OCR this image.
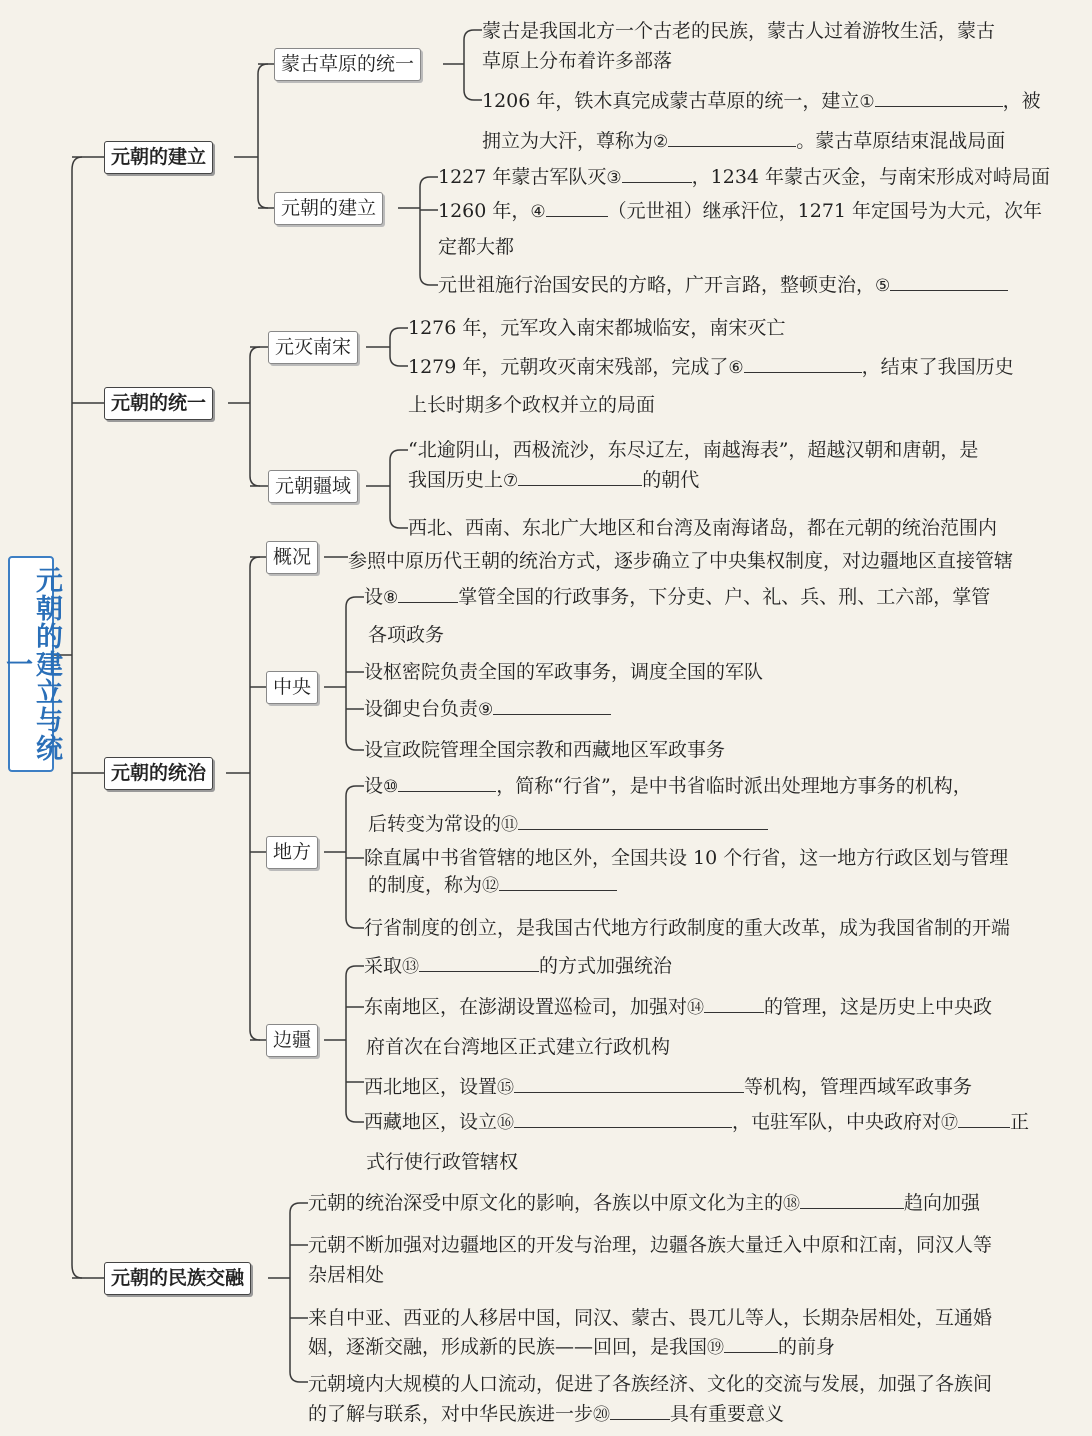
元朝的建立与统一
元朝的建立
元朝的统一
元朝的统治
元朝的民族交融
蒙古草原的统一
元朝的建立
元灭南宋
元朝疆域
概况
中央
地方
边疆
蒙古是我国北方一个古老的民族，蒙古人过着游牧生活，蒙古
草原上分布着许多部落
1206 年，铁木真完成蒙古草原的统一，建立①	，被
拥立为大汗，尊称为②	。蒙古草原结束混战局面
1227 年蒙古军队灭③	，1234 年蒙古灭金，与南宋形成对峙局面
1260 年，④	（元世祖）继承汗位，1271 年定国号为大元，次年
定都大都
元世祖施行治国安民的方略，广开言路，整顿吏治，⑤
1276 年，元军攻入南宋都城临安，南宋灭亡
1279 年，元朝攻灭南宋残部，完成了⑥	，结束了我国历史
上长时期多个政权并立的局面
“北逾阴山，西极流沙，东尽辽左，南越海表”，超越汉朝和唐朝，是
我国历史上⑦	的朝代
西北、西南、东北广大地区和台湾及南海诸岛，都在元朝的统治范围内
参照中原历代王朝的统治方式，逐步确立了中央集权制度，对边疆地区直接管辖
设⑧	掌管全国的行政事务，下分吏、户、礼、兵、刑、工六部，掌管
各项政务
设枢密院负责全国的军政事务，调度全国的军队
设御史台负责⑨
设宣政院管理全国宗教和西藏地区军政事务
设⑩	，简称“行省”，是中书省临时派出处理地方事务的机构，
后转变为常设的⑪
除直属中书省管辖的地区外，全国共设 10 个行省，这一地方行政区划与管理
的制度，称为⑫
行省制度的创立，是我国古代地方行政制度的重大改革，成为我国省制的开端
采取⑬	的方式加强统治
东南地区，在澎湖设置巡检司，加强对⑭	的管理，这是历史上中央政
府首次在台湾地区正式建立行政机构
西北地区，设置⑮	等机构，管理西域军政事务
西藏地区，设立⑯	，屯驻军队，中央政府对⑰	正
式行使行政管辖权
元朝的统治深受中原文化的影响，各族以中原文化为主的⑱	趋向加强
元朝不断加强对边疆地区的开发与治理，边疆各族大量迁入中原和江南，同汉人等
杂居相处
来自中亚、西亚的人移居中国，同汉、蒙古、畏兀儿等人，长期杂居相处，互通婚
姻，逐渐交融，形成新的民族——回回，是我国⑲	的前身
元朝境内大规模的人口流动，促进了各族经济、文化的交流与发展，加强了各族间
的了解与联系，对中华民族进一步⑳	具有重要意义
